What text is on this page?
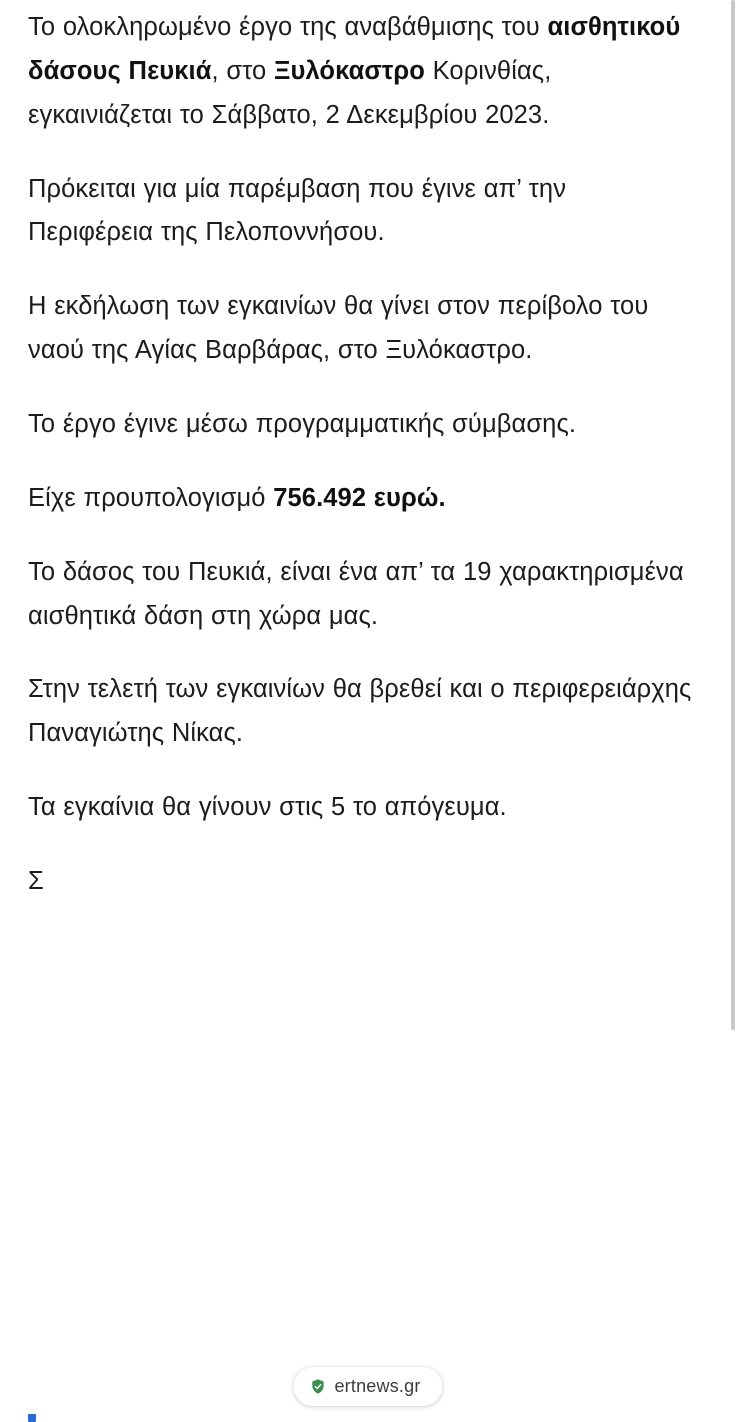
Το ολοκληρωμένο έργο της αναβάθμισης του αισθητικού δάσους Πευκιά, στο Ξυλόκαστρο Κορινθίας, εγκαινιάζεται το Σάββατο, 2 Δεκεμβρίου 2023.

Πρόκειται για μία παρέμβαση που έγινε απ’ την Περιφέρεια της Πελοποννήσου.

Η εκδήλωση των εγκαινίων θα γίνει στον περίβολο του ναού της Αγίας Βαρβάρας, στο Ξυλόκαστρο.

Το έργο έγινε μέσω προγραμματικής σύμβασης.

Είχε προυπολογισμό 756.492 ευρώ.

Το δάσος του Πευκιά, είναι ένα απ’ τα 19 χαρακτηρισμένα αισθητικά δάση στη χώρα μας.

Στην τελετή των εγκαινίων θα βρεθεί και ο περιφερειάρχης Παναγιώτης Νίκας.

Τα εγκαίνια θα γίνουν στις 5 το απόγευμα.

Σ

ertnews.gr
